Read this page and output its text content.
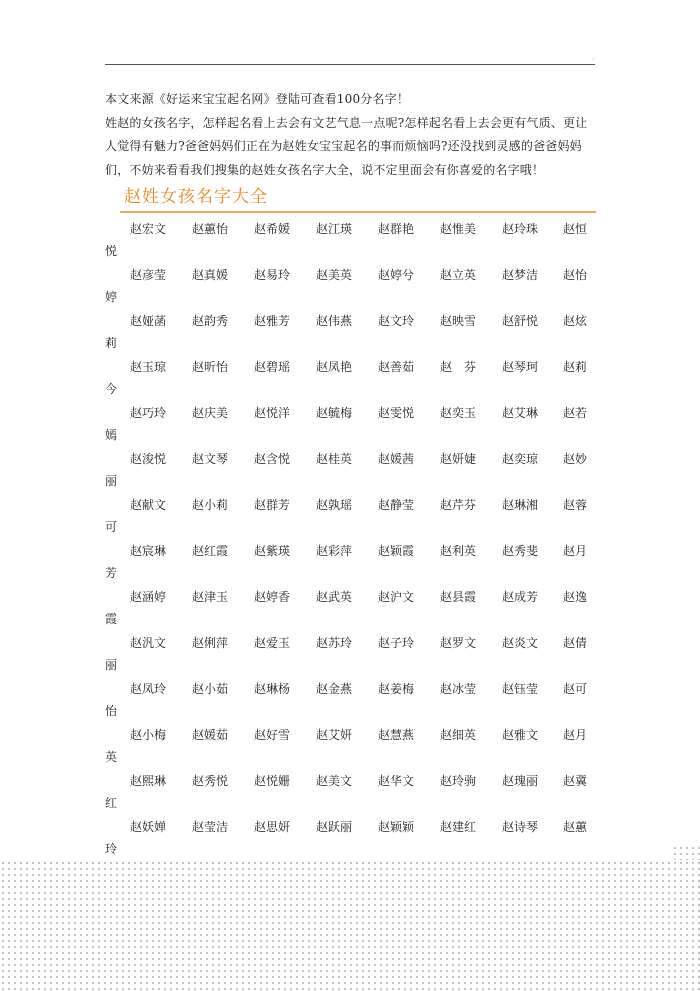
·

本文来源《好运来宝宝起名网》登陆可查看100分名字！

姓赵的女孩名字，怎样起名看上去会有文艺气息一点呢?怎样起名看上去会更有气质、更让人觉得有魅力?爸爸妈妈们正在为赵姓女宝宝起名的事而烦恼吗?还没找到灵感的爸爸妈妈们，不妨来看看我们搜集的赵姓女孩名字大全，说不定里面会有你喜爱的名字哦！

赵姓女孩名字大全
赵宏文 赵蕙怡 赵希媛 赵江瑛 赵群艳 赵惟美 赵玲珠 赵恒
悦
赵彦莹 赵真媛 赵易玲 赵美英 赵婷兮 赵立英 赵梦洁 赵怡
婷
赵娅菡 赵韵秀 赵雅芳 赵伟燕 赵文玲 赵映雪 赵舒悦 赵炫
莉
赵玉琼 赵昕怡 赵碧瑶 赵凤艳 赵善茹 赵　芬 赵琴珂 赵莉
今
赵巧玲 赵庆美 赵悦洋 赵毓梅 赵雯悦 赵奕玉 赵艾琳 赵若
嫣
赵浚悦 赵文琴 赵含悦 赵桂英 赵媛茜 赵妍婕 赵奕琼 赵妙
丽
赵献文 赵小莉 赵群芳 赵孰瑶 赵静莹 赵芹芬 赵琳湘 赵蓉
可
赵宸琳 赵红霞 赵紫瑛 赵彩萍 赵颖霞 赵利英 赵秀斐 赵月
芳
赵涵婷 赵津玉 赵婷香 赵武英 赵沪文 赵县霞 赵成芳 赵逸
霞
赵汎文 赵俐萍 赵爱玉 赵苏玲 赵子玲 赵罗文 赵炎文 赵倩
丽
赵凤玲 赵小茹 赵琳杨 赵金燕 赵姜梅 赵冰莹 赵钰莹 赵可
怡
赵小梅 赵媛茹 赵好雪 赵艾妍 赵慧燕 赵细英 赵雅文 赵月
英
赵熙琳 赵秀悦 赵悦姗 赵美文 赵华文 赵玲驹 赵瑰丽 赵冀
红
赵妖婵 赵莹洁 赵思妍 赵跃丽 赵颖颖 赵建红 赵诗琴 赵蕙
玲
